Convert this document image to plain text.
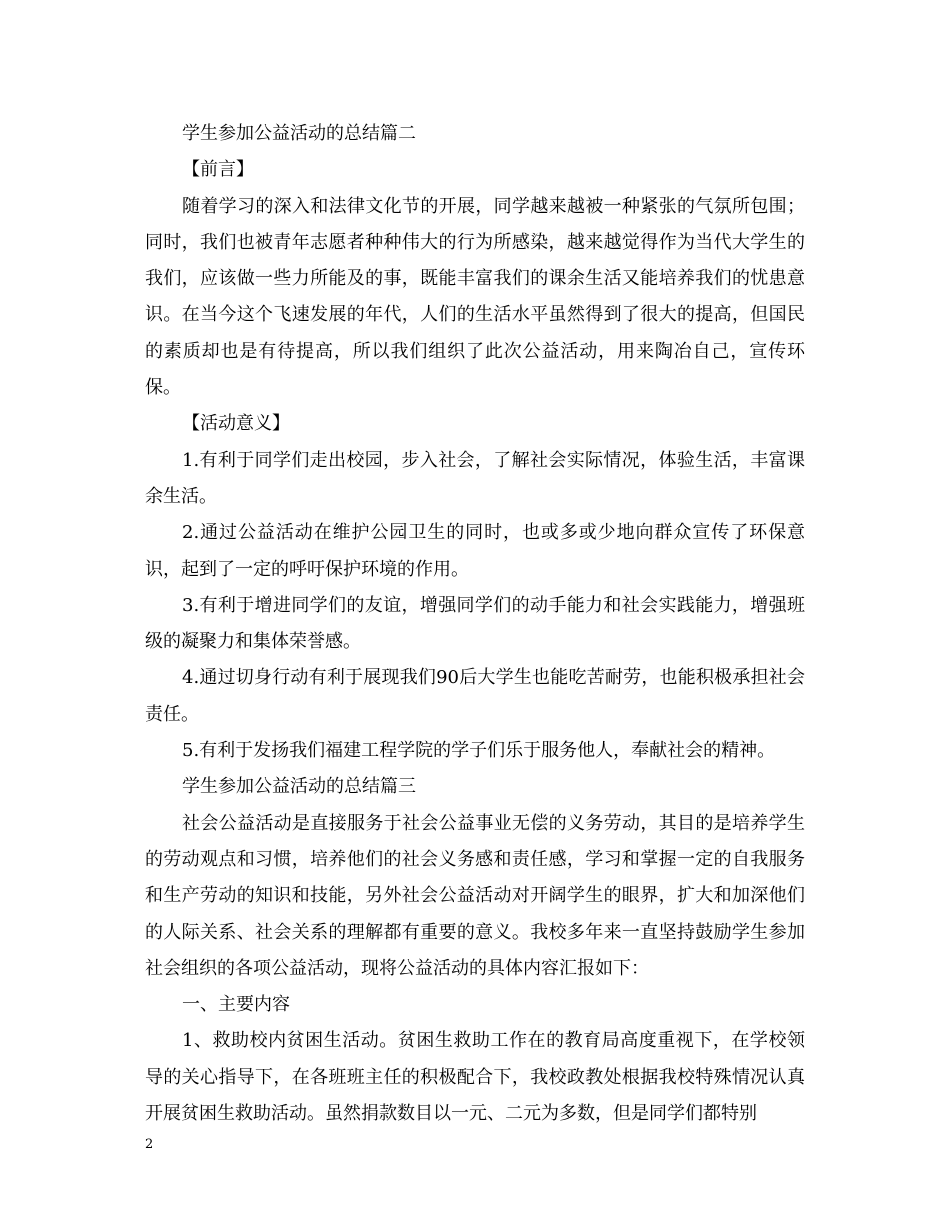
学生参加公益活动的总结篇二

【前言】

随着学习的深入和法律文化节的开展，同学越来越被一种紧张的气氛所包围；同时，我们也被青年志愿者种种伟大的行为所感染，越来越觉得作为当代大学生的我们，应该做一些力所能及的事，既能丰富我们的课余生活又能培养我们的忧患意识。在当今这个飞速发展的年代，人们的生活水平虽然得到了很大的提高，但国民的素质却也是有待提高，所以我们组织了此次公益活动，用来陶冶自己，宣传环保。

【活动意义】

1.有利于同学们走出校园，步入社会，了解社会实际情况，体验生活，丰富课余生活。

2.通过公益活动在维护公园卫生的同时，也或多或少地向群众宣传了环保意识，起到了一定的呼吁保护环境的作用。

3.有利于增进同学们的友谊，增强同学们的动手能力和社会实践能力，增强班级的凝聚力和集体荣誉感。

4.通过切身行动有利于展现我们90后大学生也能吃苦耐劳，也能积极承担社会责任。

5.有利于发扬我们福建工程学院的学子们乐于服务他人，奉献社会的精神。

学生参加公益活动的总结篇三

社会公益活动是直接服务于社会公益事业无偿的义务劳动，其目的是培养学生的劳动观点和习惯，培养他们的社会义务感和责任感，学习和掌握一定的自我服务和生产劳动的知识和技能，另外社会公益活动对开阔学生的眼界，扩大和加深他们的人际关系、社会关系的理解都有重要的意义。我校多年来一直坚持鼓励学生参加社会组织的各项公益活动，现将公益活动的具体内容汇报如下：

一、主要内容

1、救助校内贫困生活动。贫困生救助工作在的教育局高度重视下，在学校领导的关心指导下，在各班班主任的积极配合下，我校政教处根据我校特殊情况认真开展贫困生救助活动。虽然捐款数目以一元、二元为多数，但是同学们都特别

2
